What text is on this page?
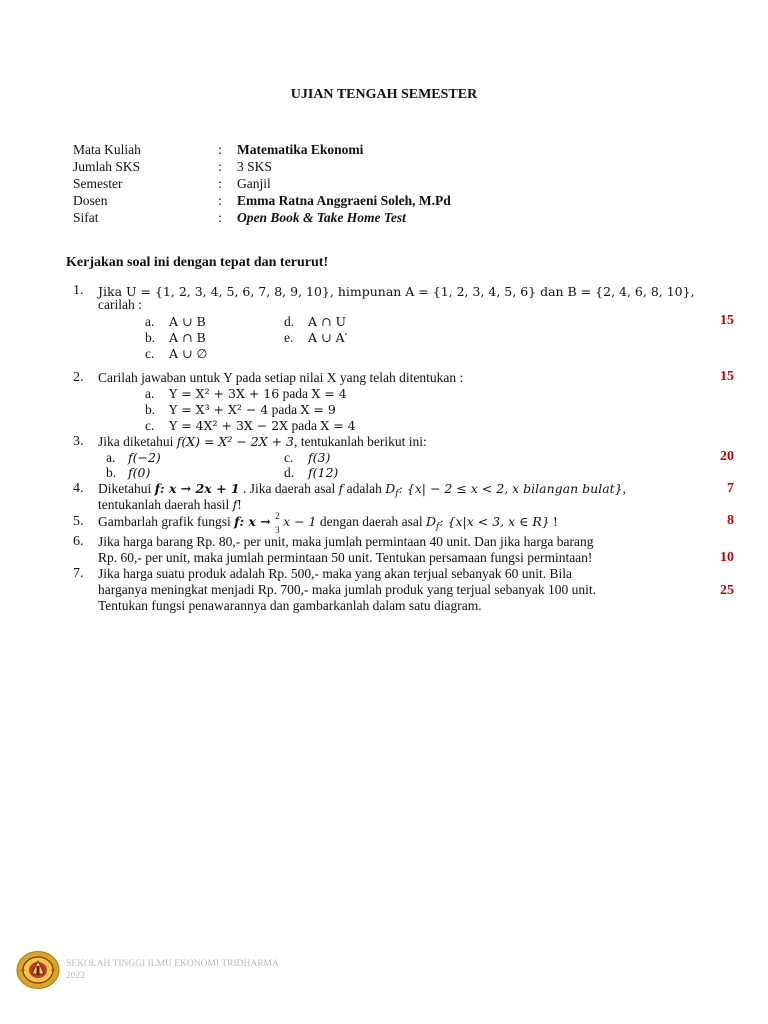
UJIAN TENGAH SEMESTER
Mata Kuliah	: Matematika Ekonomi
Jumlah SKS	: 3 SKS
Semester	: Ganjil
Dosen	: Emma Ratna Anggraeni Soleh, M.Pd
Sifat	: Open Book & Take Home Test
Kerjakan soal ini dengan tepat dan terurut!
1. Jika U = {1, 2, 3, 4, 5, 6, 7, 8, 9, 10}, himpunan A = {1, 2, 3, 4, 5, 6} dan B = {2, 4, 6, 8, 10},
carilah :
a. A ∪ B
b. A ∩ B
c. A ∪ ∅
d. A ∩ U
e. A ∪ A′
15
2. Carilah jawaban untuk Y pada setiap nilai X yang telah ditentukan :	15
a. Y = X² + 3X + 16 pada X = 4
b. Y = X³ + X² − 4 pada X = 9
c. Y = 4X² + 3X − 2X pada X = 4
3. Jika diketahui f(X) = X² − 2X + 3, tentukanlah berikut ini:
a. f(−2)
b. f(0)
c. f(3)
d. f(12)
20
4. Diketahui f: x → 2x + 1 . Jika daerah asal f adalah $D_f$: {x| − 2 ≤ x < 2, x bilangan bulat},
tentukanlah daerah hasil f!
7
5. Gambarlah grafik fungsi f: x → 2
3
x − 1 dengan daerah asal $D_f$: {x|x < 3, x ∈ R} !	8
6. Jika harga barang Rp. 80,- per unit, maka jumlah permintaan 40 unit. Dan jika harga barang
Rp. 60,- per unit, maka jumlah permintaan 50 unit. Tentukan persamaan fungsi permintaan!	10
7. Jika harga suatu produk adalah Rp. 500,- maka yang akan terjual sebanyak 60 unit. Bila
harganya meningkat menjadi Rp. 700,- maka jumlah produk yang terjual sebanyak 100 unit.
Tentukan fungsi penawarannya dan gambarkanlah dalam satu diagram.
25
SEKOLAH TINGGI ILMU EKONOMI TRIDHARMA
2022
